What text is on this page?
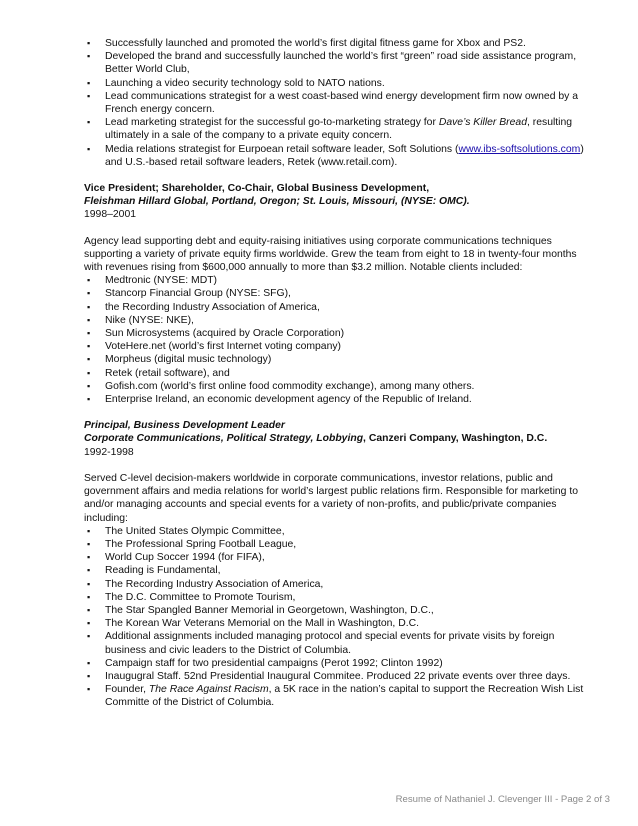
▪ Successfully launched and promoted the world’s first digital fitness game for Xbox and PS2.
▪ Developed the brand and successfully launched the world’s first “green” road side assistance program, Better World Club,
▪ Launching a video security technology sold to NATO nations.
▪ Lead communications strategist for a west coast-based wind energy development firm now owned by a French energy concern.
▪ Lead marketing strategist for the successful go-to-marketing strategy for Dave’s Killer Bread, resulting ultimately in a sale of the company to a private equity concern.
▪ Media relations strategist for Eurpoean retail software leader, Soft Solutions (www.ibs-softsolutions.com) and U.S.-based retail software leaders, Retek (www.retail.com).
Vice President; Shareholder, Co-Chair, Global Business Development,
Fleishman Hillard Global, Portland, Oregon; St. Louis, Missouri, (NYSE: OMC).
1998–2001
Agency lead supporting debt and equity-raising initiatives using corporate communications techniques supporting a variety of private equity firms worldwide. Grew the team from eight to 18 in twenty-four months with revenues rising from $600,000 annually to more than $3.2 million. Notable clients included:
▪ Medtronic (NYSE: MDT)
▪ Stancorp Financial Group (NYSE: SFG),
▪ the Recording Industry Association of America,
▪ Nike (NYSE: NKE),
▪ Sun Microsystems (acquired by Oracle Corporation)
▪ VoteHere.net (world’s first Internet voting company)
▪ Morpheus (digital music technology)
▪ Retek (retail software), and
▪ Gofish.com (world’s first online food commodity exchange), among many others.
▪ Enterprise Ireland, an economic development agency of the Republic of Ireland.
Principal, Business Development Leader
Corporate Communications, Political Strategy, Lobbying, Canzeri Company, Washington, D.C.
1992-1998
Served C-level decision-makers worldwide in corporate communications, investor relations, public and government affairs and media relations for world’s largest public relations firm. Responsible for marketing to and/or managing accounts and special events for a variety of non-profits, and public/private companies including:
▪ The United States Olympic Committee,
▪ The Professional Spring Football League,
▪ World Cup Soccer 1994 (for FIFA),
▪ Reading is Fundamental,
▪ The Recording Industry Association of America,
▪ The D.C. Committee to Promote Tourism,
▪ The Star Spangled Banner Memorial in Georgetown, Washington, D.C.,
▪ The Korean War Veterans Memorial on the Mall in Washington, D.C.
▪ Additional assignments included managing protocol and special events for private visits by foreign business and civic leaders to the District of Columbia.
▪ Campaign staff for two presidential campaigns (Perot 1992; Clinton 1992)
▪ Inaugugral Staff. 52nd Presidential Inaugural Commitee. Produced 22 private events over three days.
▪ Founder, The Race Against Racism, a 5K race in the nation’s capital to support the Recreation Wish List Committe of the District of Columbia.
Resume of Nathaniel J. Clevenger III - Page 2 of 3
